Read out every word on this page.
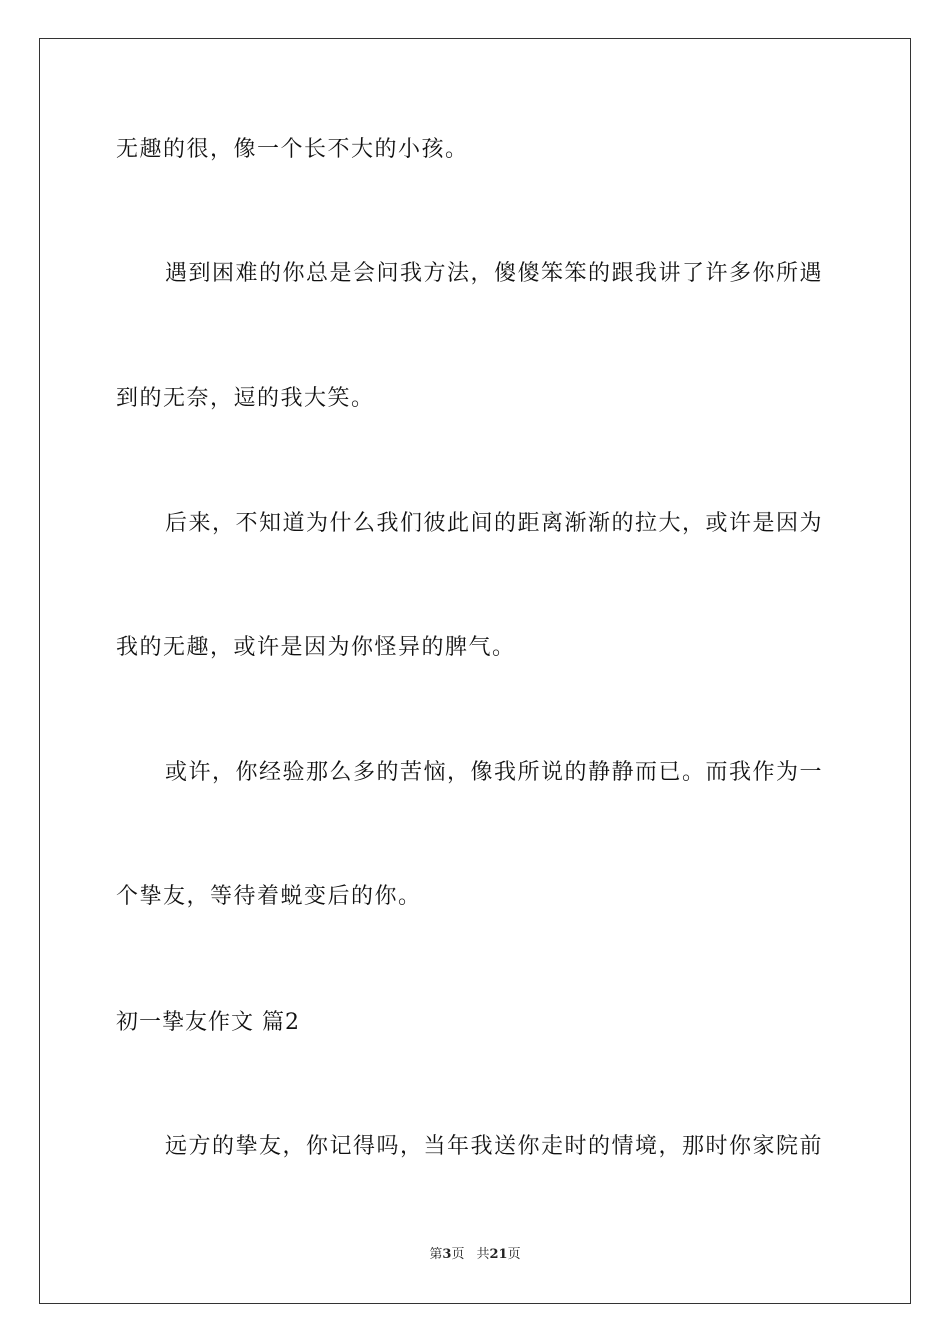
无趣的很，像一个长不大的小孩。
遇到困难的你总是会问我方法，傻傻笨笨的跟我讲了许多你所遇
到的无奈，逗的我大笑。
后来，不知道为什么我们彼此间的距离渐渐的拉大，或许是因为
我的无趣，或许是因为你怪异的脾气。
或许，你经验那么多的苦恼，像我所说的静静而已。而我作为一
个挚友，等待着蜕变后的你。
初一挚友作文 篇2
远方的挚友，你记得吗，当年我送你走时的情境，那时你家院前
第3页 共21页
